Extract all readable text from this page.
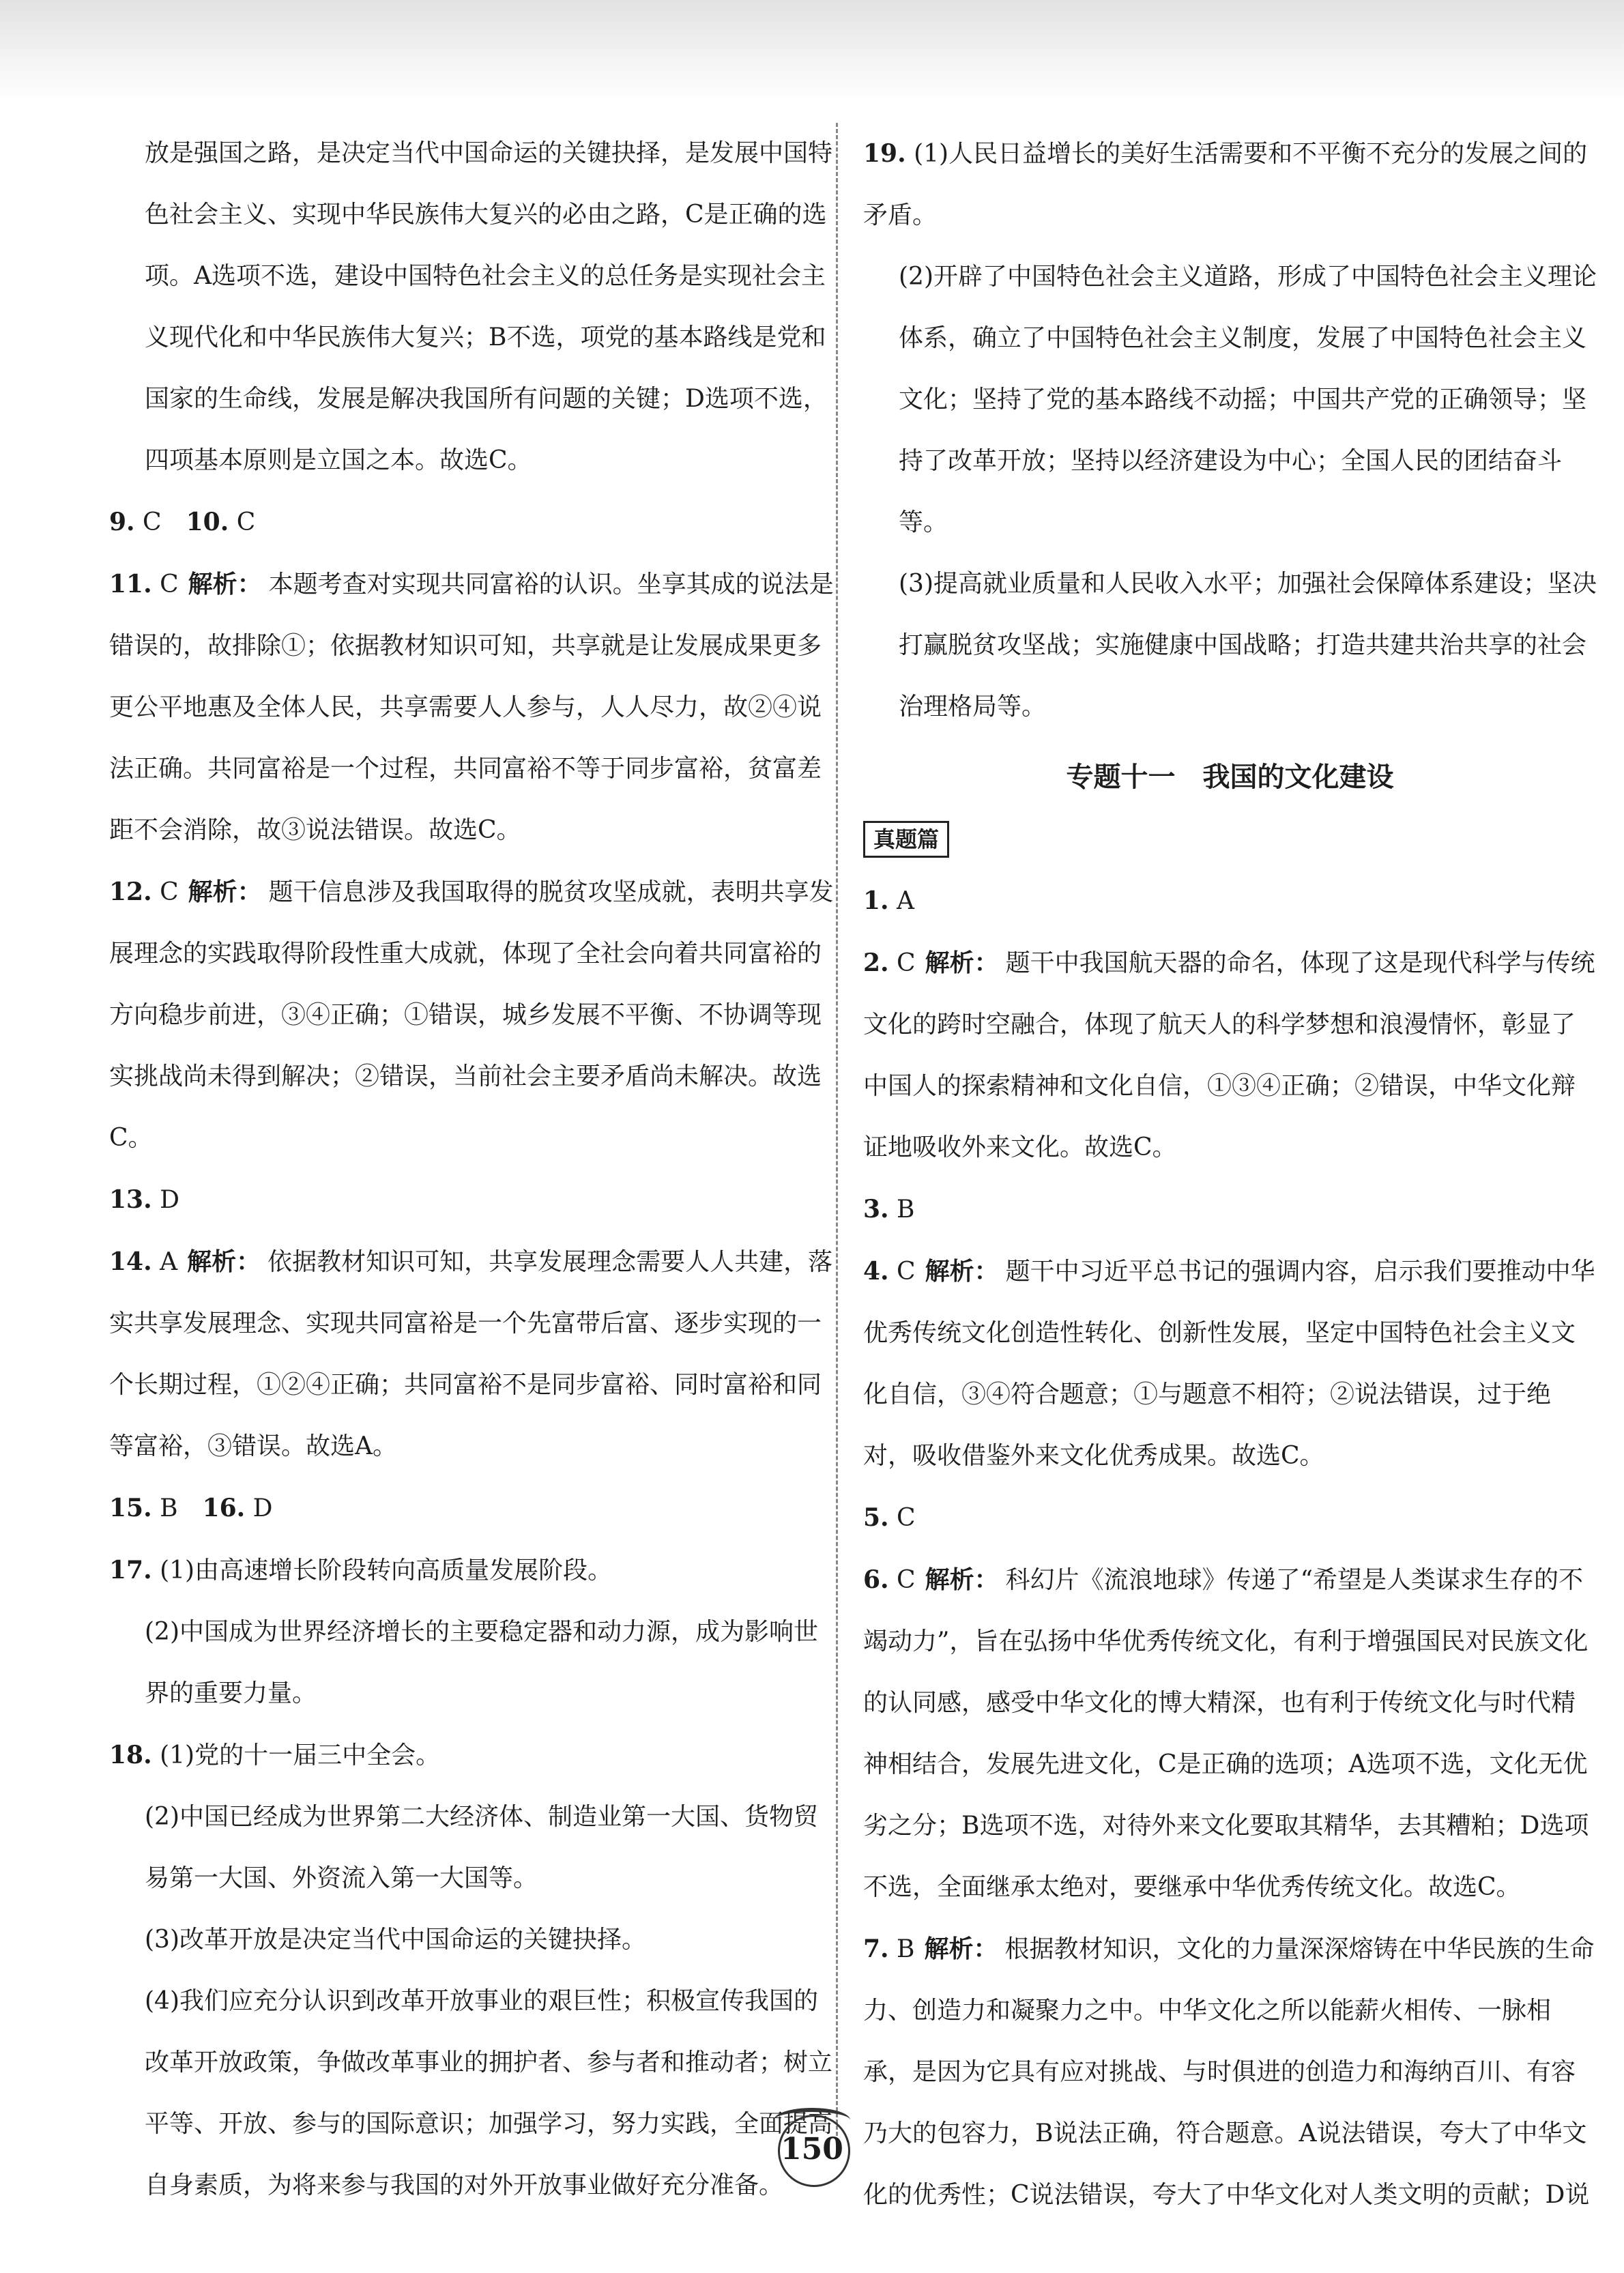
放是强国之路，是决定当代中国命运的关键抉择，是发展中国特色社会主义、实现中华民族伟大复兴的必由之路，C是正确的选项。A选项不选，建设中国特色社会主义的总任务是实现社会主义现代化和中华民族伟大复兴；B不选，项党的基本路线是党和国家的生命线，发展是解决我国所有问题的关键；D选项不选，四项基本原则是立国之本。故选C。

9. C 10. C

11. C 解析： 本题考查对实现共同富裕的认识。坐享其成的说法是错误的，故排除①；依据教材知识可知，共享就是让发展成果更多更公平地惠及全体人民，共享需要人人参与，人人尽力，故②④说法正确。共同富裕是一个过程，共同富裕不等于同步富裕，贫富差距不会消除，故③说法错误。故选C。

12. C 解析： 题干信息涉及我国取得的脱贫攻坚成就，表明共享发展理念的实践取得阶段性重大成就，体现了全社会向着共同富裕的方向稳步前进，③④正确；①错误，城乡发展不平衡、不协调等现实挑战尚未得到解决；②错误，当前社会主要矛盾尚未解决。故选C。

13. D

14. A 解析： 依据教材知识可知，共享发展理念需要人人共建，落实共享发展理念、实现共同富裕是一个先富带后富、逐步实现的一个长期过程，①②④正确；共同富裕不是同步富裕、同时富裕和同等富裕，③错误。故选A。

15. B 16. D

17. (1)由高速增长阶段转向高质量发展阶段。

(2)中国成为世界经济增长的主要稳定器和动力源，成为影响世界的重要力量。

18. (1)党的十一届三中全会。

(2)中国已经成为世界第二大经济体、制造业第一大国、货物贸易第一大国、外资流入第一大国等。

(3)改革开放是决定当代中国命运的关键抉择。

(4)我们应充分认识到改革开放事业的艰巨性；积极宣传我国的改革开放政策，争做改革事业的拥护者、参与者和推动者；树立平等、开放、参与的国际意识；加强学习，努力实践，全面提高自身素质，为将来参与我国的对外开放事业做好充分准备。

19. (1)人民日益增长的美好生活需要和不平衡不充分的发展之间的矛盾。

(2)开辟了中国特色社会主义道路，形成了中国特色社会主义理论体系，确立了中国特色社会主义制度，发展了中国特色社会主义文化；坚持了党的基本路线不动摇；中国共产党的正确领导；坚持了改革开放；坚持以经济建设为中心；全国人民的团结奋斗等。

(3)提高就业质量和人民收入水平；加强社会保障体系建设；坚决打赢脱贫攻坚战；实施健康中国战略；打造共建共治共享的社会治理格局等。

专题十一　我国的文化建设
真题篇

1. A

2. C 解析： 题干中我国航天器的命名，体现了这是现代科学与传统文化的跨时空融合，体现了航天人的科学梦想和浪漫情怀，彰显了中国人的探索精神和文化自信，①③④正确；②错误，中华文化辩证地吸收外来文化。故选C。

3. B

4. C 解析： 题干中习近平总书记的强调内容，启示我们要推动中华优秀传统文化创造性转化、创新性发展，坚定中国特色社会主义文化自信，③④符合题意；①与题意不相符；②说法错误，过于绝对，吸收借鉴外来文化优秀成果。故选C。

5. C

6. C 解析： 科幻片《流浪地球》传递了“希望是人类谋求生存的不竭动力”，旨在弘扬中华优秀传统文化，有利于增强国民对民族文化的认同感，感受中华文化的博大精深，也有利于传统文化与时代精神相结合，发展先进文化，C是正确的选项；A选项不选，文化无优劣之分；B选项不选，对待外来文化要取其精华，去其糟粕；D选项不选，全面继承太绝对，要继承中华优秀传统文化。故选C。

7. B 解析： 根据教材知识，文化的力量深深熔铸在中华民族的生命力、创造力和凝聚力之中。中华文化之所以能薪火相传、一脉相承，是因为它具有应对挑战、与时俱进的创造力和海纳百川、有容乃大的包容力，B说法正确，符合题意。A说法错误，夸大了中华文化的优秀性；C说法错误，夸大了中华文化对人类文明的贡献；D说

150
